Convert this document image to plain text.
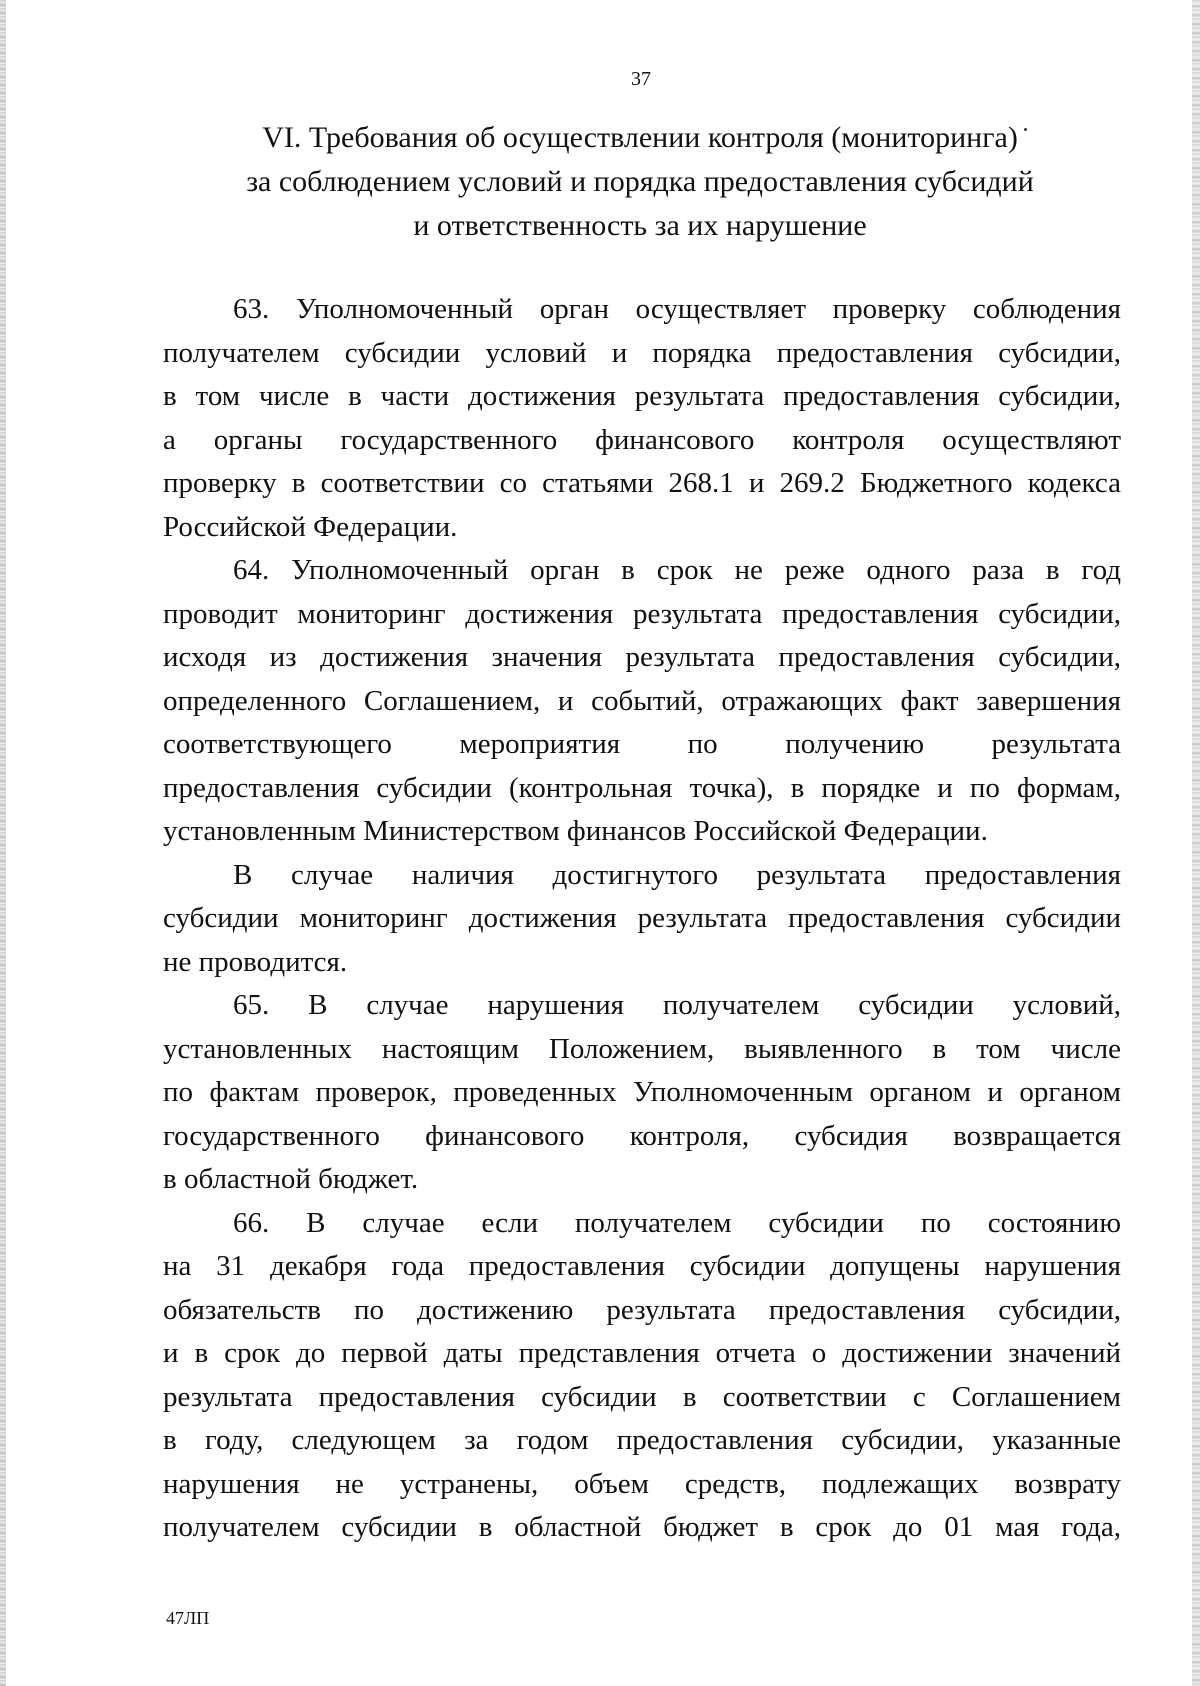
37
VI. Требования об осуществлении контроля (мониторинга)
за соблюдением условий и порядка предоставления субсидий
и ответственность за их нарушение
63. Уполномоченный орган осуществляет проверку соблюдения
получателем субсидии условий и порядка предоставления субсидии,
в том числе в части достижения результата предоставления субсидии,
а органы государственного финансового контроля осуществляют
проверку в соответствии со статьями 268.1 и 269.2 Бюджетного кодекса
Российской Федерации.
64. Уполномоченный орган в срок не реже одного раза в год
проводит мониторинг достижения результата предоставления субсидии,
исходя из достижения значения результата предоставления субсидии,
определенного Соглашением, и событий, отражающих факт завершения
соответствующего мероприятия по получению результата
предоставления субсидии (контрольная точка), в порядке и по формам,
установленным Министерством финансов Российской Федерации.
В случае наличия достигнутого результата предоставления
субсидии мониторинг достижения результата предоставления субсидии
не проводится.
65. В случае нарушения получателем субсидии условий,
установленных настоящим Положением, выявленного в том числе
по фактам проверок, проведенных Уполномоченным органом и органом
государственного финансового контроля, субсидия возвращается
в областной бюджет.
66. В случае если получателем субсидии по состоянию
на 31 декабря года предоставления субсидии допущены нарушения
обязательств по достижению результата предоставления субсидии,
и в срок до первой даты представления отчета о достижении значений
результата предоставления субсидии в соответствии с Соглашением
в году, следующем за годом предоставления субсидии, указанные
нарушения не устранены, объем средств, подлежащих возврату
получателем субсидии в областной бюджет в срок до 01 мая года,
47ЛП
